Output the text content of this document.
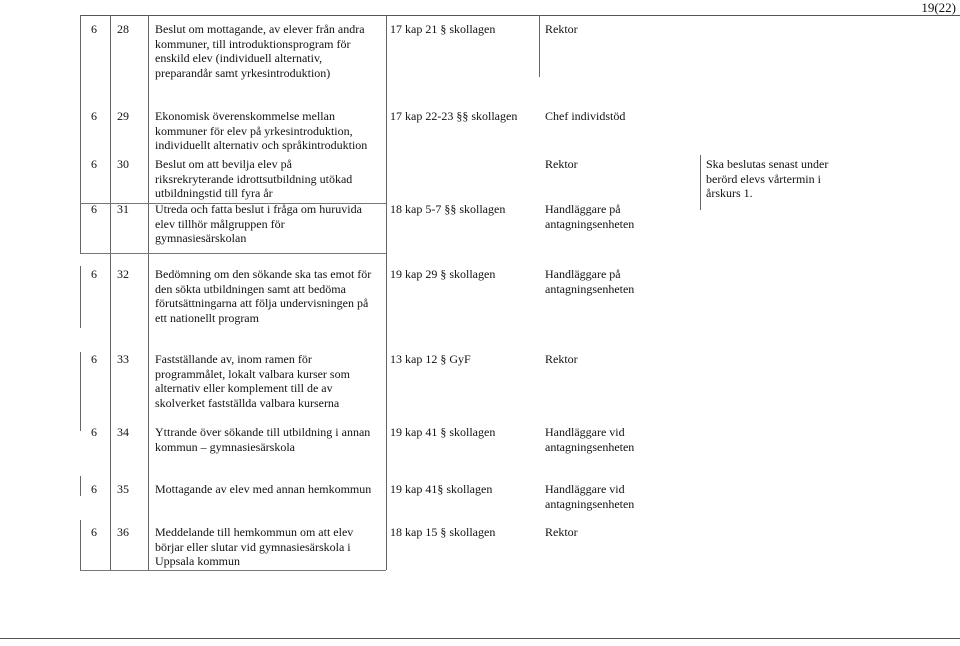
19(22)
6 28 Beslut om mottagande, av elever från andra
kommuner, till introduktionsprogram för
enskild elev (individuell alternativ,
preparandår samt yrkesintroduktion)
17 kap 21 § skollagen	Rektor
6 29 Ekonomisk överenskommelse mellan
kommuner för elev på yrkesintroduktion,
individuellt alternativ och språkintroduktion
17 kap 22-23 §§ skollagen Chef individstöd
6 30 Beslut om att bevilja elev på
riksrekryterande idrottsutbildning utökad
utbildningstid till fyra år
Rektor	Ska beslutas senast under
berörd elevs vårtermin i
årskurs 1.
6 31 Utreda och fatta beslut i fråga om huruvida
elev tillhör målgruppen för
gymnasiesärskolan
18 kap 5-7 §§ skollagen	Handläggare på
antagningsenheten
6 32 Bedömning om den sökande ska tas emot för
den sökta utbildningen samt att bedöma
förutsättningarna att följa undervisningen på
ett nationellt program
19 kap 29 § skollagen	Handläggare på
antagningsenheten
6 33 Fastställande av, inom ramen för
programmålet, lokalt valbara kurser som
alternativ eller komplement till de av
skolverket fastställda valbara kurserna
13 kap 12 § GyF	Rektor
6 34 Yttrande över sökande till utbildning i annan
kommun – gymnasiesärskola
19 kap 41 § skollagen	Handläggare vid
antagningsenheten
6 35 Mottagande av elev med annan hemkommun	19 kap 41§ skollagen	Handläggare vid
antagningsenheten
6 36 Meddelande till hemkommun om att elev
börjar eller slutar vid gymnasiesärskola i
Uppsala kommun
18 kap 15 § skollagen	Rektor
